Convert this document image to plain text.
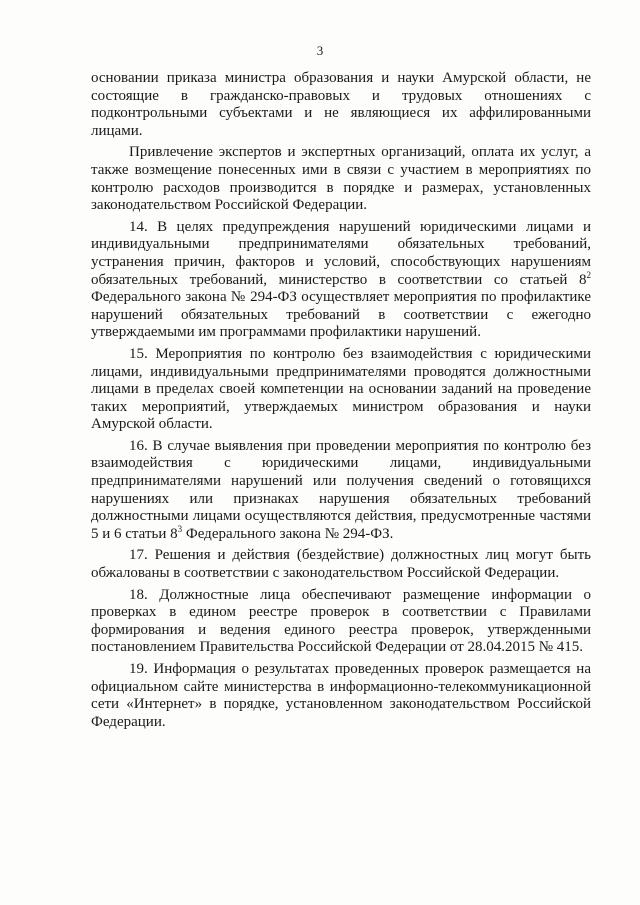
3

основании приказа министра образования и науки Амурской области, не состоящие в гражданско-правовых и трудовых отношениях с подконтрольными субъектами и не являющиеся их аффилированными лицами.

Привлечение экспертов и экспертных организаций, оплата их услуг, а также возмещение понесенных ими в связи с участием в мероприятиях по контролю расходов производится в порядке и размерах, установленных законодательством Российской Федерации.

14. В целях предупреждения нарушений юридическими лицами и индивидуальными предпринимателями обязательных требований, устранения причин, факторов и условий, способствующих нарушениям обязательных требований, министерство в соответствии со статьей $8^2$ Федерального закона № 294-ФЗ осуществляет мероприятия по профилактике нарушений обязательных требований в соответствии с ежегодно утверждаемыми им программами профилактики нарушений.

15. Мероприятия по контролю без взаимодействия с юридическими лицами, индивидуальными предпринимателями проводятся должностными лицами в пределах своей компетенции на основании заданий на проведение таких мероприятий, утверждаемых министром образования и науки Амурской области.

16. В случае выявления при проведении мероприятия по контролю без взаимодействия с юридическими лицами, индивидуальными предпринимателями нарушений или получения сведений о готовящихся нарушениях или признаках нарушения обязательных требований должностными лицами осуществляются действия, предусмотренные частями 5 и 6 статьи $8^3$ Федерального закона № 294-ФЗ.

17. Решения и действия (бездействие) должностных лиц могут быть обжалованы в соответствии с законодательством Российской Федерации.

18. Должностные лица обеспечивают размещение информации о проверках в едином реестре проверок в соответствии с Правилами формирования и ведения единого реестра проверок, утвержденными постановлением Правительства Российской Федерации от 28.04.2015 № 415.

19. Информация о результатах проведенных проверок размещается на официальном сайте министерства в информационно-телекоммуникационной сети «Интернет» в порядке, установленном законодательством Российской Федерации.
